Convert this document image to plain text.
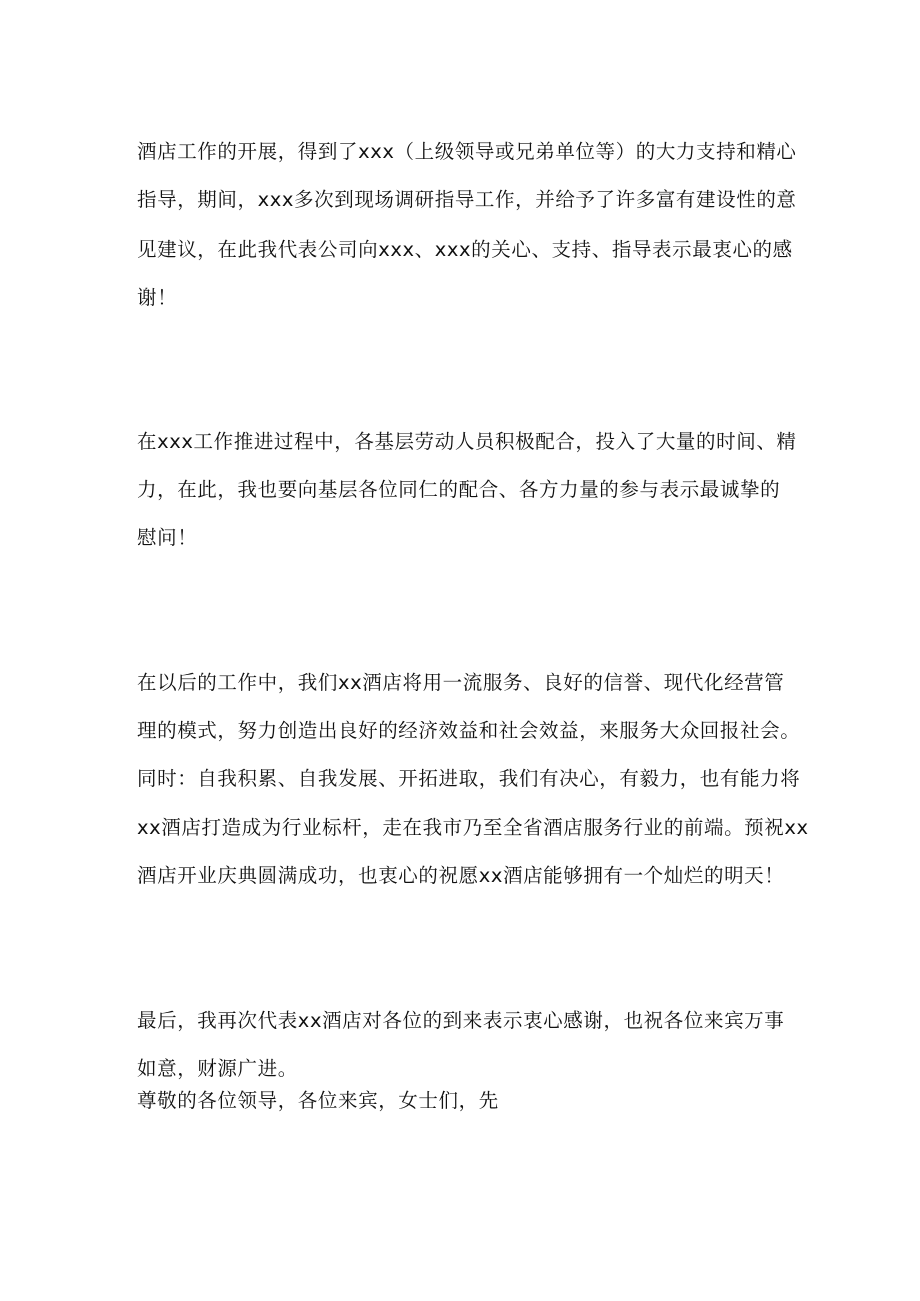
酒店工作的开展，得到了xxx（上级领导或兄弟单位等）的大力支持和精心
指导，期间，xxx多次到现场调研指导工作，并给予了许多富有建设性的意
见建议，在此我代表公司向xxx、xxx的关心、支持、指导表示最衷心的感
谢！
在xxx工作推进过程中，各基层劳动人员积极配合，投入了大量的时间、精
力，在此，我也要向基层各位同仁的配合、各方力量的参与表示最诚挚的
慰问！
在以后的工作中，我们xx酒店将用一流服务、良好的信誉、现代化经营管
理的模式，努力创造出良好的经济效益和社会效益，来服务大众回报社会。
同时：自我积累、自我发展、开拓进取，我们有决心，有毅力，也有能力将
xx酒店打造成为行业标杆，走在我市乃至全省酒店服务行业的前端。预祝xx
酒店开业庆典圆满成功，也衷心的祝愿xx酒店能够拥有一个灿烂的明天！
最后，我再次代表xx酒店对各位的到来表示衷心感谢，也祝各位来宾万事
如意，财源广进。
尊敬的各位领导，各位来宾，女士们，先
